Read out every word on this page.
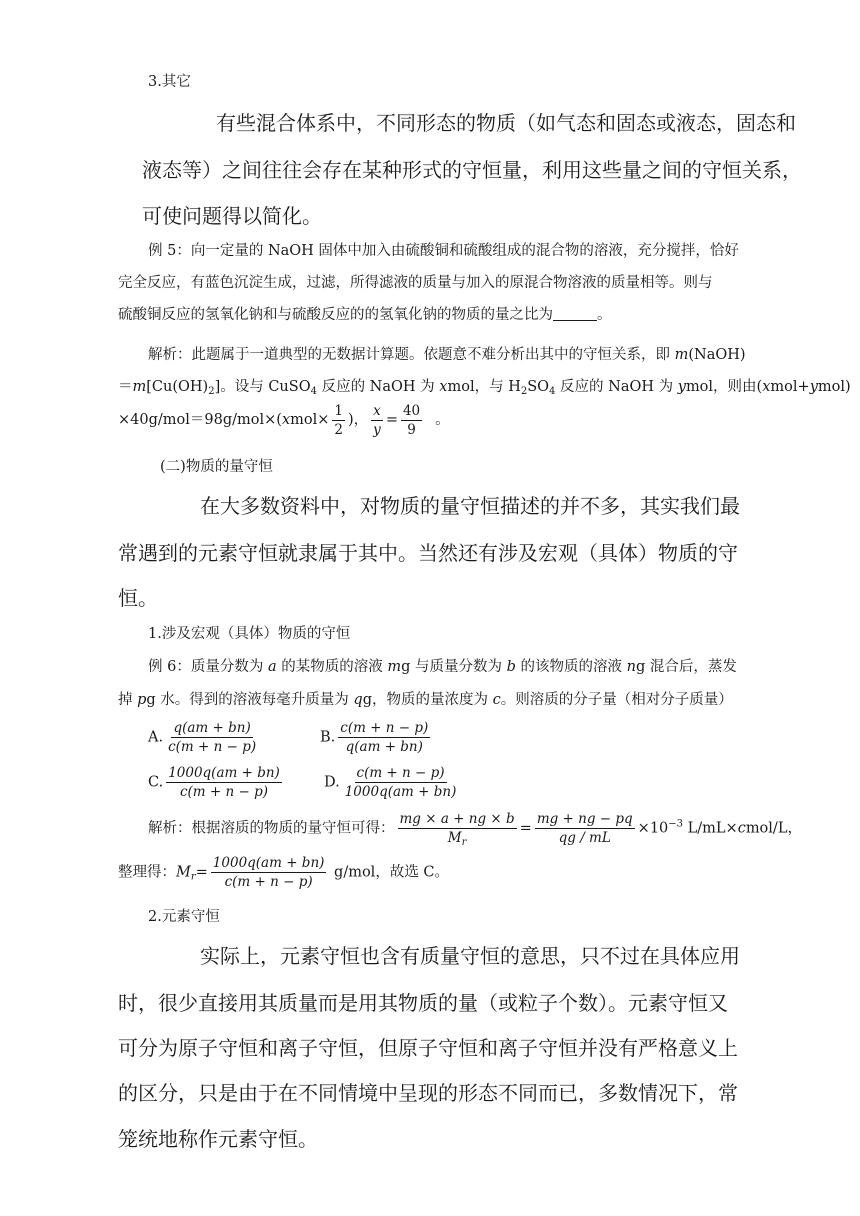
3.其它
有些混合体系中，不同形态的物质（如气态和固态或液态，固态和
液态等）之间往往会存在某种形式的守恒量，利用这些量之间的守恒关系，
可使问题得以简化。
例 5：向一定量的 NaOH 固体中加入由硫酸铜和硫酸组成的混合物的溶液，充分搅拌，恰好
完全反应，有蓝色沉淀生成，过滤，所得滤液的质量与加入的原混合物溶液的质量相等。则与
硫酸铜反应的氢氧化钠和与硫酸反应的的氢氧化钠的物质的量之比为	。
解析：此题属于一道典型的无数据计算题。依题意不难分析出其中的守恒关系，即 m(NaOH)
$=m[Cu(OH)_2]$。设与 CuSO$_4$ 反应的 NaOH 为 xmol，与 $H_2SO_4$ 反应的 NaOH 为 ymol，则由(xmol+ymol)
×40g/mol＝98g/mol×(xmol× $\frac{1}{2}$ )， $\frac{x}{y} = \frac{40}{9}$ 。
(二)物质的量守恒
在大多数资料中，对物质的量守恒描述的并不多，其实我们最
常遇到的元素守恒就隶属于其中。当然还有涉及宏观（具体）物质的守
恒。
1.涉及宏观（具体）物质的守恒
例 6：质量分数为 a 的某物质的溶液 mg 与质量分数为 b 的该物质的溶液 ng 混合后，蒸发
掉 pg 水。得到的溶液每毫升质量为 qg，物质的量浓度为 c。则溶质的分子量（相对分子质量）
A. $\frac{q(am + bn)}{c(m + n - p)}$	B. $\frac{c(m + n - p)}{q(am + bn)}$
C. $\frac{1000q(am + bn)}{c(m + n - p)}$	D. $\frac{c(m + n - p)}{1000q(am + bn)}$
解析：根据溶质的物质的量守恒可得： $\frac{mg \times a + ng \times b}{M_r} = \frac{mg + ng - pq}{qg / mL} \times 10^{-3}$ L/mL×cmol/L，
整理得：$M_r= \frac{1000q(am + bn)}{c(m + n - p)} g/mol$，故选 C。
2.元素守恒
实际上，元素守恒也含有质量守恒的意思，只不过在具体应用
时，很少直接用其质量而是用其物质的量（或粒子个数）。元素守恒又
可分为原子守恒和离子守恒，但原子守恒和离子守恒并没有严格意义上
的区分，只是由于在不同情境中呈现的形态不同而已，多数情况下，常
笼统地称作元素守恒。
